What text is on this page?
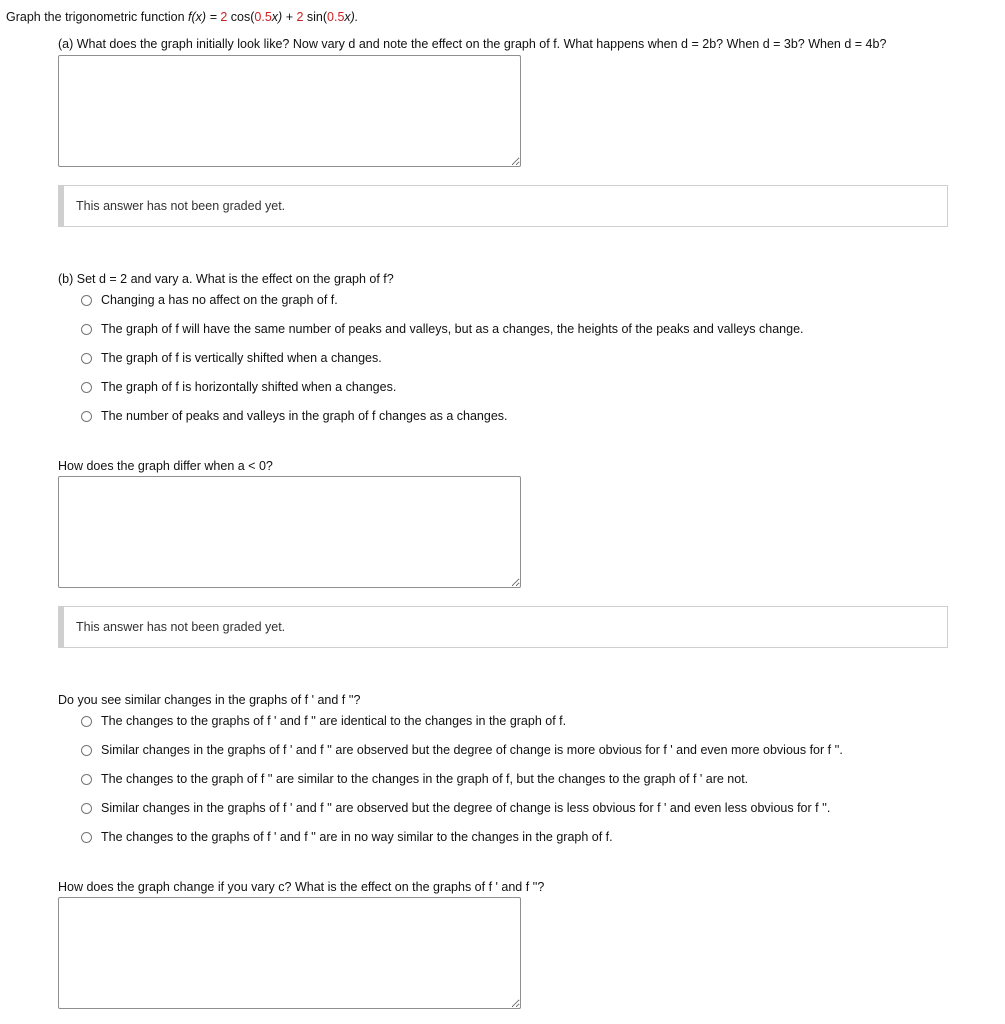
Graph the trigonometric function f(x) = 2 cos(0.5x) + 2 sin(0.5x).
(a) What does the graph initially look like? Now vary d and note the effect on the graph of f. What happens when d = 2b? When d = 3b? When d = 4b?
This answer has not been graded yet.
(b) Set d = 2 and vary a. What is the effect on the graph of f?
Changing a has no affect on the graph of f.
The graph of f will have the same number of peaks and valleys, but as a changes, the heights of the peaks and valleys change.
The graph of f is vertically shifted when a changes.
The graph of f is horizontally shifted when a changes.
The number of peaks and valleys in the graph of f changes as a changes.
How does the graph differ when a < 0?
This answer has not been graded yet.
Do you see similar changes in the graphs of f ' and f ''?
The changes to the graphs of f ' and f '' are identical to the changes in the graph of f.
Similar changes in the graphs of f ' and f '' are observed but the degree of change is more obvious for f ' and even more obvious for f ''.
The changes to the graph of f '' are similar to the changes in the graph of f, but the changes to the graph of f ' are not.
Similar changes in the graphs of f ' and f '' are observed but the degree of change is less obvious for f ' and even less obvious for f ''.
The changes to the graphs of f ' and f '' are in no way similar to the changes in the graph of f.
How does the graph change if you vary c? What is the effect on the graphs of f ' and f ''?
